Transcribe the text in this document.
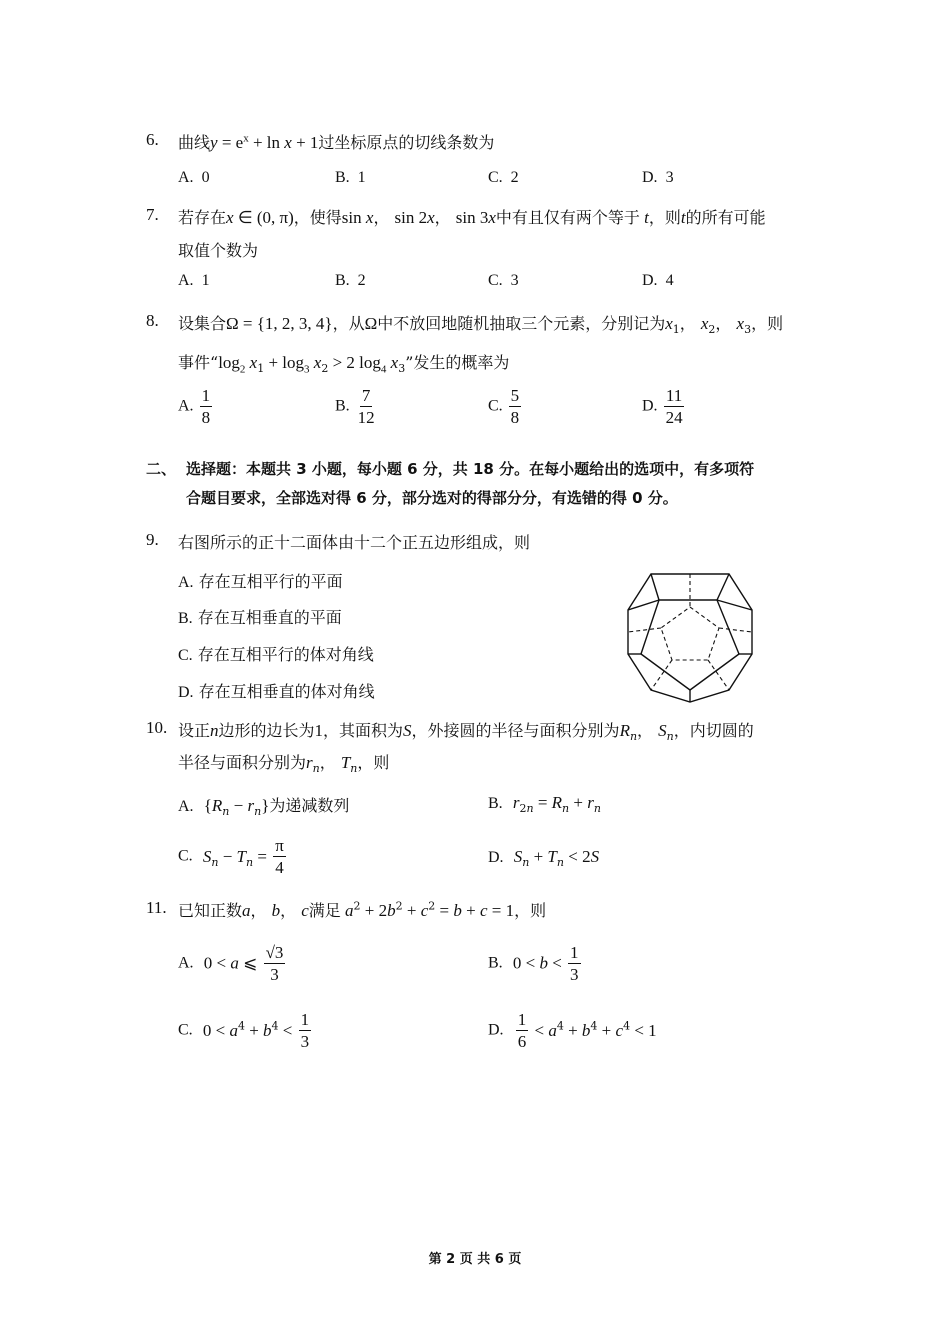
6. 曲线$y = e^x + \ln x + 1$过坐标原点的切线条数为
A. 0	B. 1	C. 2	D. 3
7. 若存在x ∈ (0, π)，使得sin x， sin 2x， sin 3x中有且仅有两个等于 t，则t的所有可能
取值个数为
A. 1	B. 2	C. 3	D. 4
8. 设集合Ω = {1, 2, 3, 4}，从Ω中不放回地随机抽取三个元素，分别记为$x_1$， $x_2$， $x_3$，则
事件“$\log_2$ $x_1 + \log_3 x_2 > 2$ $\log_4 x_3$”发生的概率为
A. $\frac{1}{8}$	B. $\frac{7}{12}$	C. $\frac{5}{8}$	D. $\frac{11}{24}$
二、 选择题：本题共 3 小题，每小题 6 分，共 18 分。在每小题给出的选项中，有多项符
合题目要求，全部选对得 6 分，部分选对的得部分分，有选错的得 0 分。
9. 右图所示的正十二面体由十二个正五边形组成，则
A. 存在互相平行的平面
B. 存在互相垂直的平面
C. 存在互相平行的体对角线
D. 存在互相垂直的体对角线
10. 设正n边形的边长为1，其面积为S，外接圆的半径与面积分别为$R_n$， $S_n$，内切圆的
半径与面积分别为$r_n$， $T_n$，则
A. $\{R_n - r_n\}$为递减数列	B. $r_{2n} = R_n + r_n$
C. $S_n - T_n = \frac{\pi}{4}$	D. $S_n + T_n < 2S$
11. 已知正数a， b， c满足 $a^2 + 2b^2 + c^2 = b + c = 1$，则
A. 0 < a ⩽ $\frac{√3}{3}$	B. $0 < b < \frac{1}{3}$
C. $0 < a^4 + b^4 < \frac{1}{3}$	D. $\frac{1}{6} < a^4 + b^4 + c^4 < 1$
第 2 页 共 6 页
